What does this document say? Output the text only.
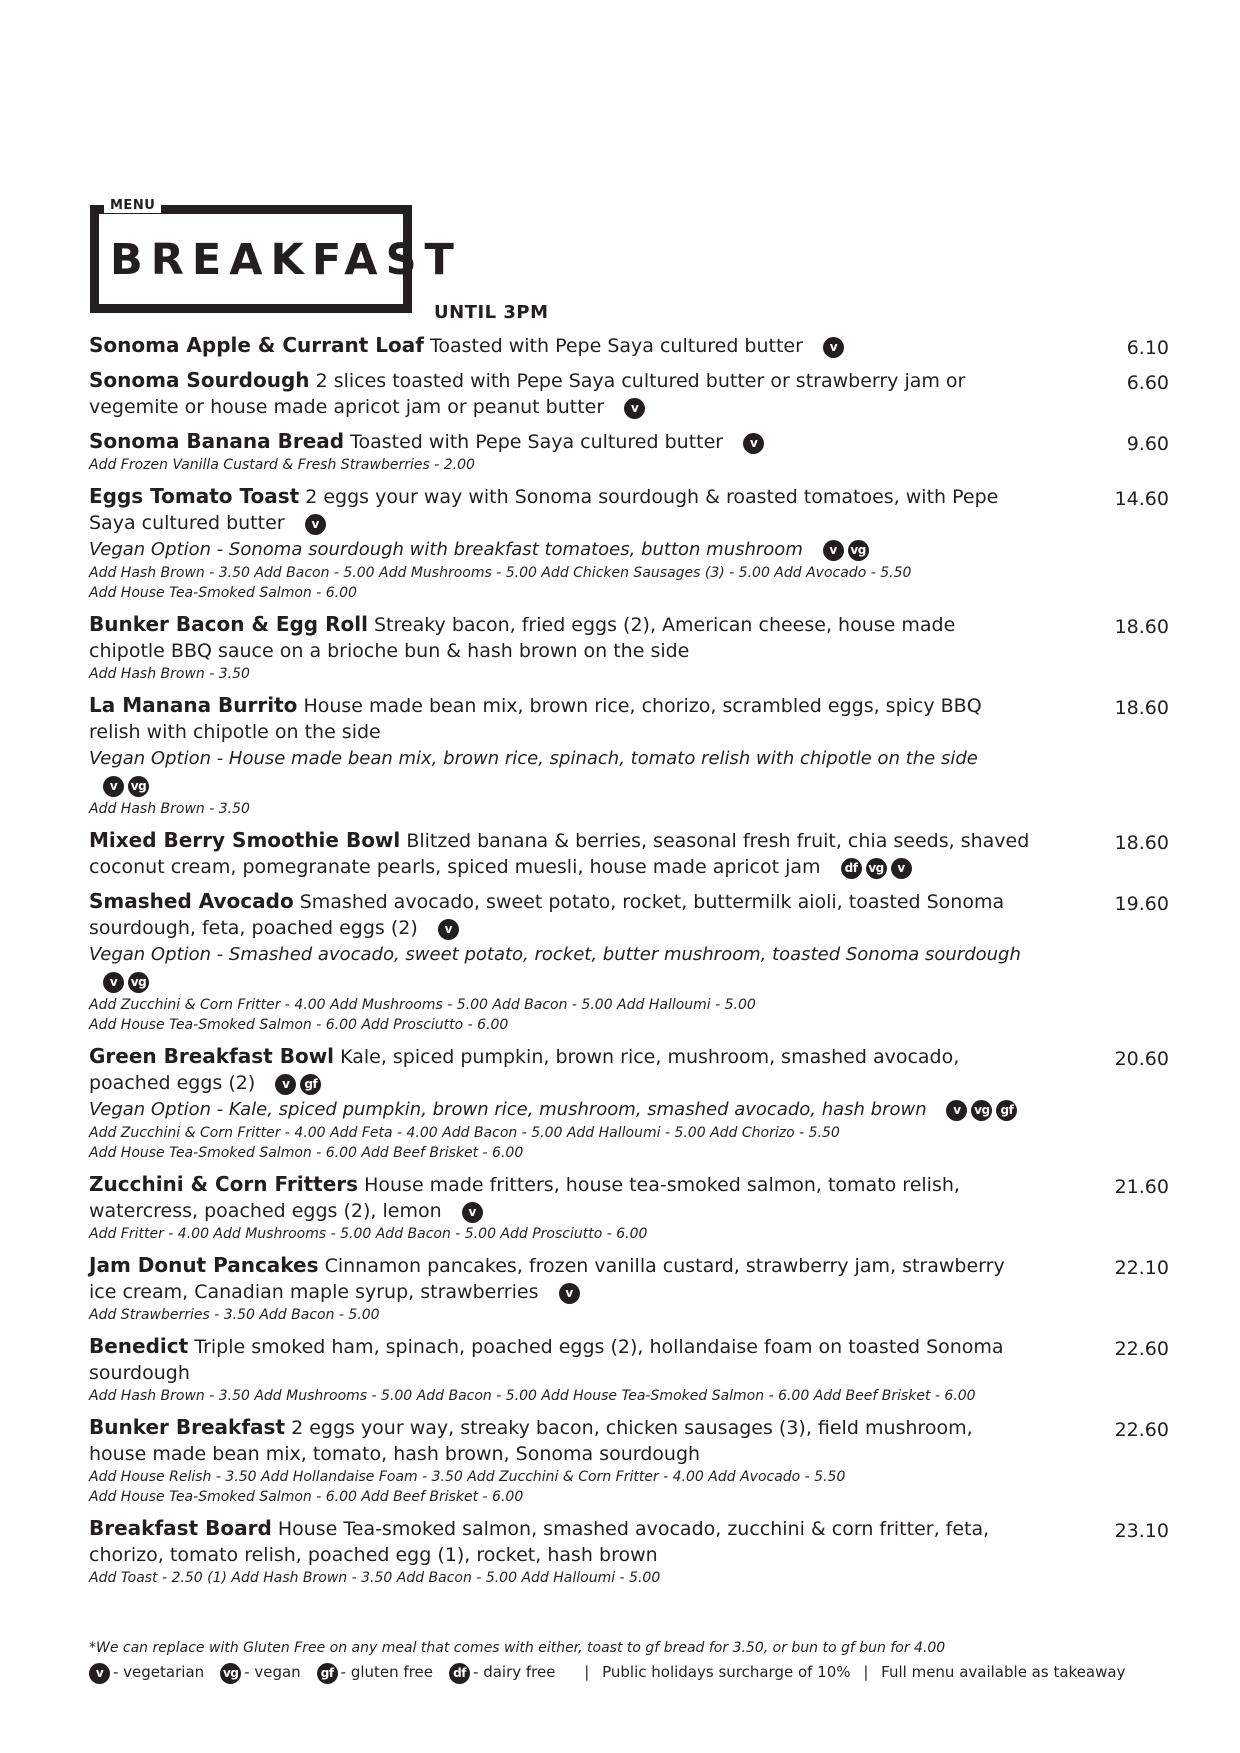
MENU
BREAKFAST
UNTIL 3PM
Sonoma Apple & Currant Loaf Toasted with Pepe Saya cultured butter v	6.10
Sonoma Sourdough 2 slices toasted with Pepe Saya cultured butter or strawberry jam or vegemite or house made apricot jam or peanut butter v
6.60
Sonoma Banana Bread Toasted with Pepe Saya cultured butter v	9.60
Add Frozen Vanilla Custard & Fresh Strawberries - 2.00
Eggs Tomato Toast 2 eggs your way with Sonoma sourdough & roasted tomatoes, with Pepe Saya cultured butter v
14.60
Vegan Option - Sonoma sourdough with breakfast tomatoes, button mushroom v vg
Add Hash Brown - 3.50 Add Bacon - 5.00 Add Mushrooms - 5.00 Add Chicken Sausages (3) - 5.00 Add Avocado - 5.50
Add House Tea-Smoked Salmon - 6.00
Bunker Bacon & Egg Roll Streaky bacon, fried eggs (2), American cheese, house made chipotle BBQ sauce on a brioche bun & hash brown on the side
18.60
Add Hash Brown - 3.50
La Manana Burrito House made bean mix, brown rice, chorizo, scrambled eggs, spicy BBQ relish with chipotle on the side
18.60
Vegan Option - House made bean mix, brown rice, spinach, tomato relish with chipotle on the side v vg
Add Hash Brown - 3.50
Mixed Berry Smoothie Bowl Blitzed banana & berries, seasonal fresh fruit, chia seeds, shaved coconut cream, pomegranate pearls, spiced muesli, house made apricot jam df vg v
18.60
Smashed Avocado Smashed avocado, sweet potato, rocket, buttermilk aioli, toasted Sonoma sourdough, feta, poached eggs (2) v
19.60
Vegan Option - Smashed avocado, sweet potato, rocket, butter mushroom, toasted Sonoma sourdough v vg
Add Zucchini & Corn Fritter - 4.00 Add Mushrooms - 5.00 Add Bacon - 5.00 Add Halloumi - 5.00
Add House Tea-Smoked Salmon - 6.00 Add Prosciutto - 6.00
Green Breakfast Bowl Kale, spiced pumpkin, brown rice, mushroom, smashed avocado, poached eggs (2) v gf
20.60
Vegan Option - Kale, spiced pumpkin, brown rice, mushroom, smashed avocado, hash brown v vg gf
Add Zucchini & Corn Fritter - 4.00 Add Feta - 4.00 Add Bacon - 5.00 Add Halloumi - 5.00 Add Chorizo - 5.50
Add House Tea-Smoked Salmon - 6.00 Add Beef Brisket - 6.00
Zucchini & Corn Fritters House made fritters, house tea-smoked salmon, tomato relish, watercress, poached eggs (2), lemon v
21.60
Add Fritter - 4.00 Add Mushrooms - 5.00 Add Bacon - 5.00 Add Prosciutto - 6.00
Jam Donut Pancakes Cinnamon pancakes, frozen vanilla custard, strawberry jam, strawberry ice cream, Canadian maple syrup, strawberries v
22.10
Add Strawberries - 3.50 Add Bacon - 5.00
Benedict Triple smoked ham, spinach, poached eggs (2), hollandaise foam on toasted Sonoma sourdough
22.60
Add Hash Brown - 3.50 Add Mushrooms - 5.00 Add Bacon - 5.00 Add House Tea-Smoked Salmon - 6.00 Add Beef Brisket - 6.00
Bunker Breakfast 2 eggs your way, streaky bacon, chicken sausages (3), field mushroom, house made bean mix, tomato, hash brown, Sonoma sourdough
22.60
Add House Relish - 3.50 Add Hollandaise Foam - 3.50 Add Zucchini & Corn Fritter - 4.00 Add Avocado - 5.50
Add House Tea-Smoked Salmon - 6.00 Add Beef Brisket - 6.00
Breakfast Board House Tea-smoked salmon, smashed avocado, zucchini & corn fritter, feta, chorizo, tomato relish, poached egg (1), rocket, hash brown
23.10
Add Toast - 2.50 (1) Add Hash Brown - 3.50 Add Bacon - 5.00 Add Halloumi - 5.00
*We can replace with Gluten Free on any meal that comes with either, toast to gf bread for 3.50, or bun to gf bun for 4.00
v - vegetarian vg - vegan gf - gluten free df - dairy free | Public holidays surcharge of 10% | Full menu available as takeaway
